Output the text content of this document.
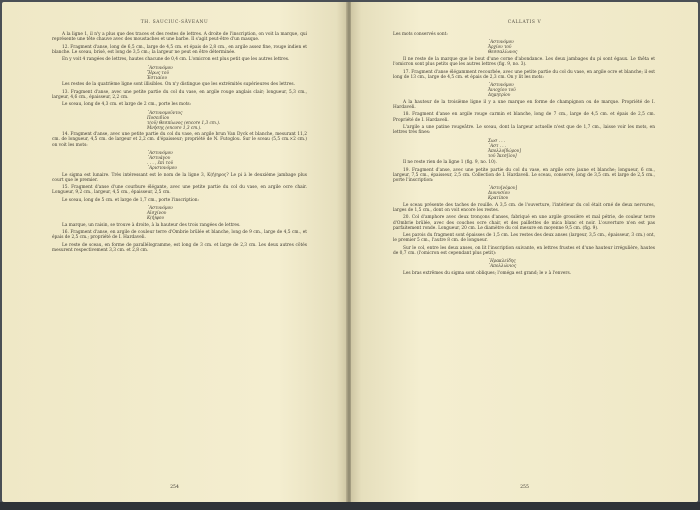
TH. SAUCIUC-SĂVEANU

A la ligne 1, il n'y a plus que des traces et des restes de lettres. A droite de l'inscription, on voit la marque, qui représente une tête chauve avec des moustaches et une barbe. Il s'agit peut-être d'un masque.

12. Fragment d'anse, long de 6,5 cm., large de 4,5 cm. et épais de 2,8 cm., en argile assez fine, rouge indien et blanche. Le sceau, brisé, est long de 3,5 cm.; la largeur ne peut en être déterminée.

En y voit 4 rangées de lettres, hautes chacune de 0,4 cm. L'omicron est plus petit que les autres lettres.

᾿Αστυνόμου
Ἥρως τοῦ
Ἑστιαίου

Les restes de la quatrième ligne sont illisibles. On n'y distingue que les extrémités supérieures des lettres.

13. Fragment d'anse, avec une petite partie du col du vase, en argile rouge anglais clair; longueur, 5,3 cm., largeur, 4,6 cm., épaisseur, 2,2 cm.

Le sceau, long de 4,3 cm. et large de 2 cm., porte les mots:

᾿Αστυνομοῦντος
Ποσειδίου
τ(οῦ) Θεσπίωνος (encore 1,3 cm.).
Μνήσης (encore 1,3 cm.).

14. Fragment d'anse, avec une petite partie du col du vase, en argile brun Van Dyck et blanche, mesurant 11,2 cm. de longueur, 4,5 cm. de largeur et 2,2 cm. d'épaisseur; propriété de N. Futoglou. Sur le sceau (5,5 cm.×2 cm.) on voit les mots:

᾿Αστυνόμου
᾿Αστυάγου
. . . , ἐπὶ τοῦ
᾿Αριστονόμου

Le sigma est lunaire. Très intéressant est le nom de la ligne 3, Κ(ή)ηρος? Le pi à le deuxième jambage plus court que le premier.

15. Fragment d'anse d'une courbure élégante, avec une petite partie du col du vase, en argile ocre chair. Longueur, 9,2 cm., largeur, 4,5 cm., épaisseur, 2,5 cm.

Le sceau, long de 5 cm. et large de 1,7 cm., porte l'inscription:

᾿Αστυνόμου
Αἰσχίνου
Κ(ή)φου

La marque, un raisin, se trouve à droite, à la hauteur des trois rangées de lettres.

16. Fragment d'anse, en argile de couleur terre d'Ombrie brûlée et blanche, long de 9 cm., large de 4,5 cm., et épais de 2,5 cm.; propriété de I. Hardaveli.

Le reste de sceau, en forme de parallélogramme, est long de 3 cm. et large de 2,3 cm. Les deux autres côtés mesurent respectivement 3,3 cm. et 2,8 cm.

254
CALLATIS V

Les mots conservés sont:

᾿Αστυνόμου
Ἀρχίου τοῦ
Θεσσαλίωνος

Il ne reste de la marque que le bout d'une corne d'abondance. Les deux jambages du pi sont égaux. Le thêta et l'omicron sont plus petits que les autres lettres (fig. 9, no. 3).

17. Fragment d'anse élégamment recourbée, avec une petite partie du col du vase, en argile ocre et blanche; il est long de 13 cm., large de 4,5 cm. et épais de 2,3 cm. On y lit les mots:

᾿Αστυνόμου
Ἀνιοχίου τοῦ
Δημητρίου

A la hauteur de la troisième ligne il y a une marque en forme de champignon ou de marque. Propriété de I. Hardaveli.

18. Fragment d'anse en argile rouge carmin et blanche, long de 7 cm., large de 4,5 cm. et épais de 2,5 cm. Propriété de I. Hardaveli.

L'argile a une patine rougeâtre. Le sceau, dont la largeur actuelle n'est que de 1,7 cm., laisse voir les mots, en lettres très fines:

Σωσ . . .
᾿Αστ . . .
Ἀπολλο[δώρου]
τοῦ Ἱκεσ[ίου]

Il ne reste rien de la ligne 1 (fig. 9, no. 10).

19. Fragment d'anse, avec une petite partie du col du vase, en argile ocre jaune et blanche; longueur, 6 cm., largeur, 7,5 cm., épaisseur, 2,5 cm. Collection de I. Hardaveli. Le sceau, conservé, long de 3,5 cm. et large de 2,5 cm., porte l'inscription:

᾿Αστυ[νόμου]
Διονυσίου
Κρατίπου

Le sceau présente des taches de rouille. A 3,5 cm. de l'ouverture, l'intérieur du col était orné de deux nervures, larges de 1,5 cm., dont on voit encore les restes.

20. Col d'amphore avec deux tronçons d'anses, fabriqué en une argile grossière et mal pétrie, de couleur terre d'Ombrie brûlée, avec des couches ocre chair, et des paillettes de mica blanc et noir. L'ouverture n'en est pas parfaitement ronde. Longueur, 20 cm. Le diamètre du col mesure en moyenne 9,5 cm. (fig. 9).

Les parois du fragment sont épaisses de 1,5 cm. Les restes des deux anses (largeur, 3,5 cm., épaisseur, 3 cm.) ont, le premier 5 cm., l'autre 8 cm. de longueur.

Sur le col, entre les deux anses, on lit l'inscription suivante, en lettres frustes et d'une hauteur irrégulière, hautes de 0,7 cm. (l'omicron est cependant plus petit):

᾿Ηρακλείδης
᾿Απολλώνιος

Les bras extrêmes du sigma sont obliques; l'oméga est grand; le ν à l'envers.

255
